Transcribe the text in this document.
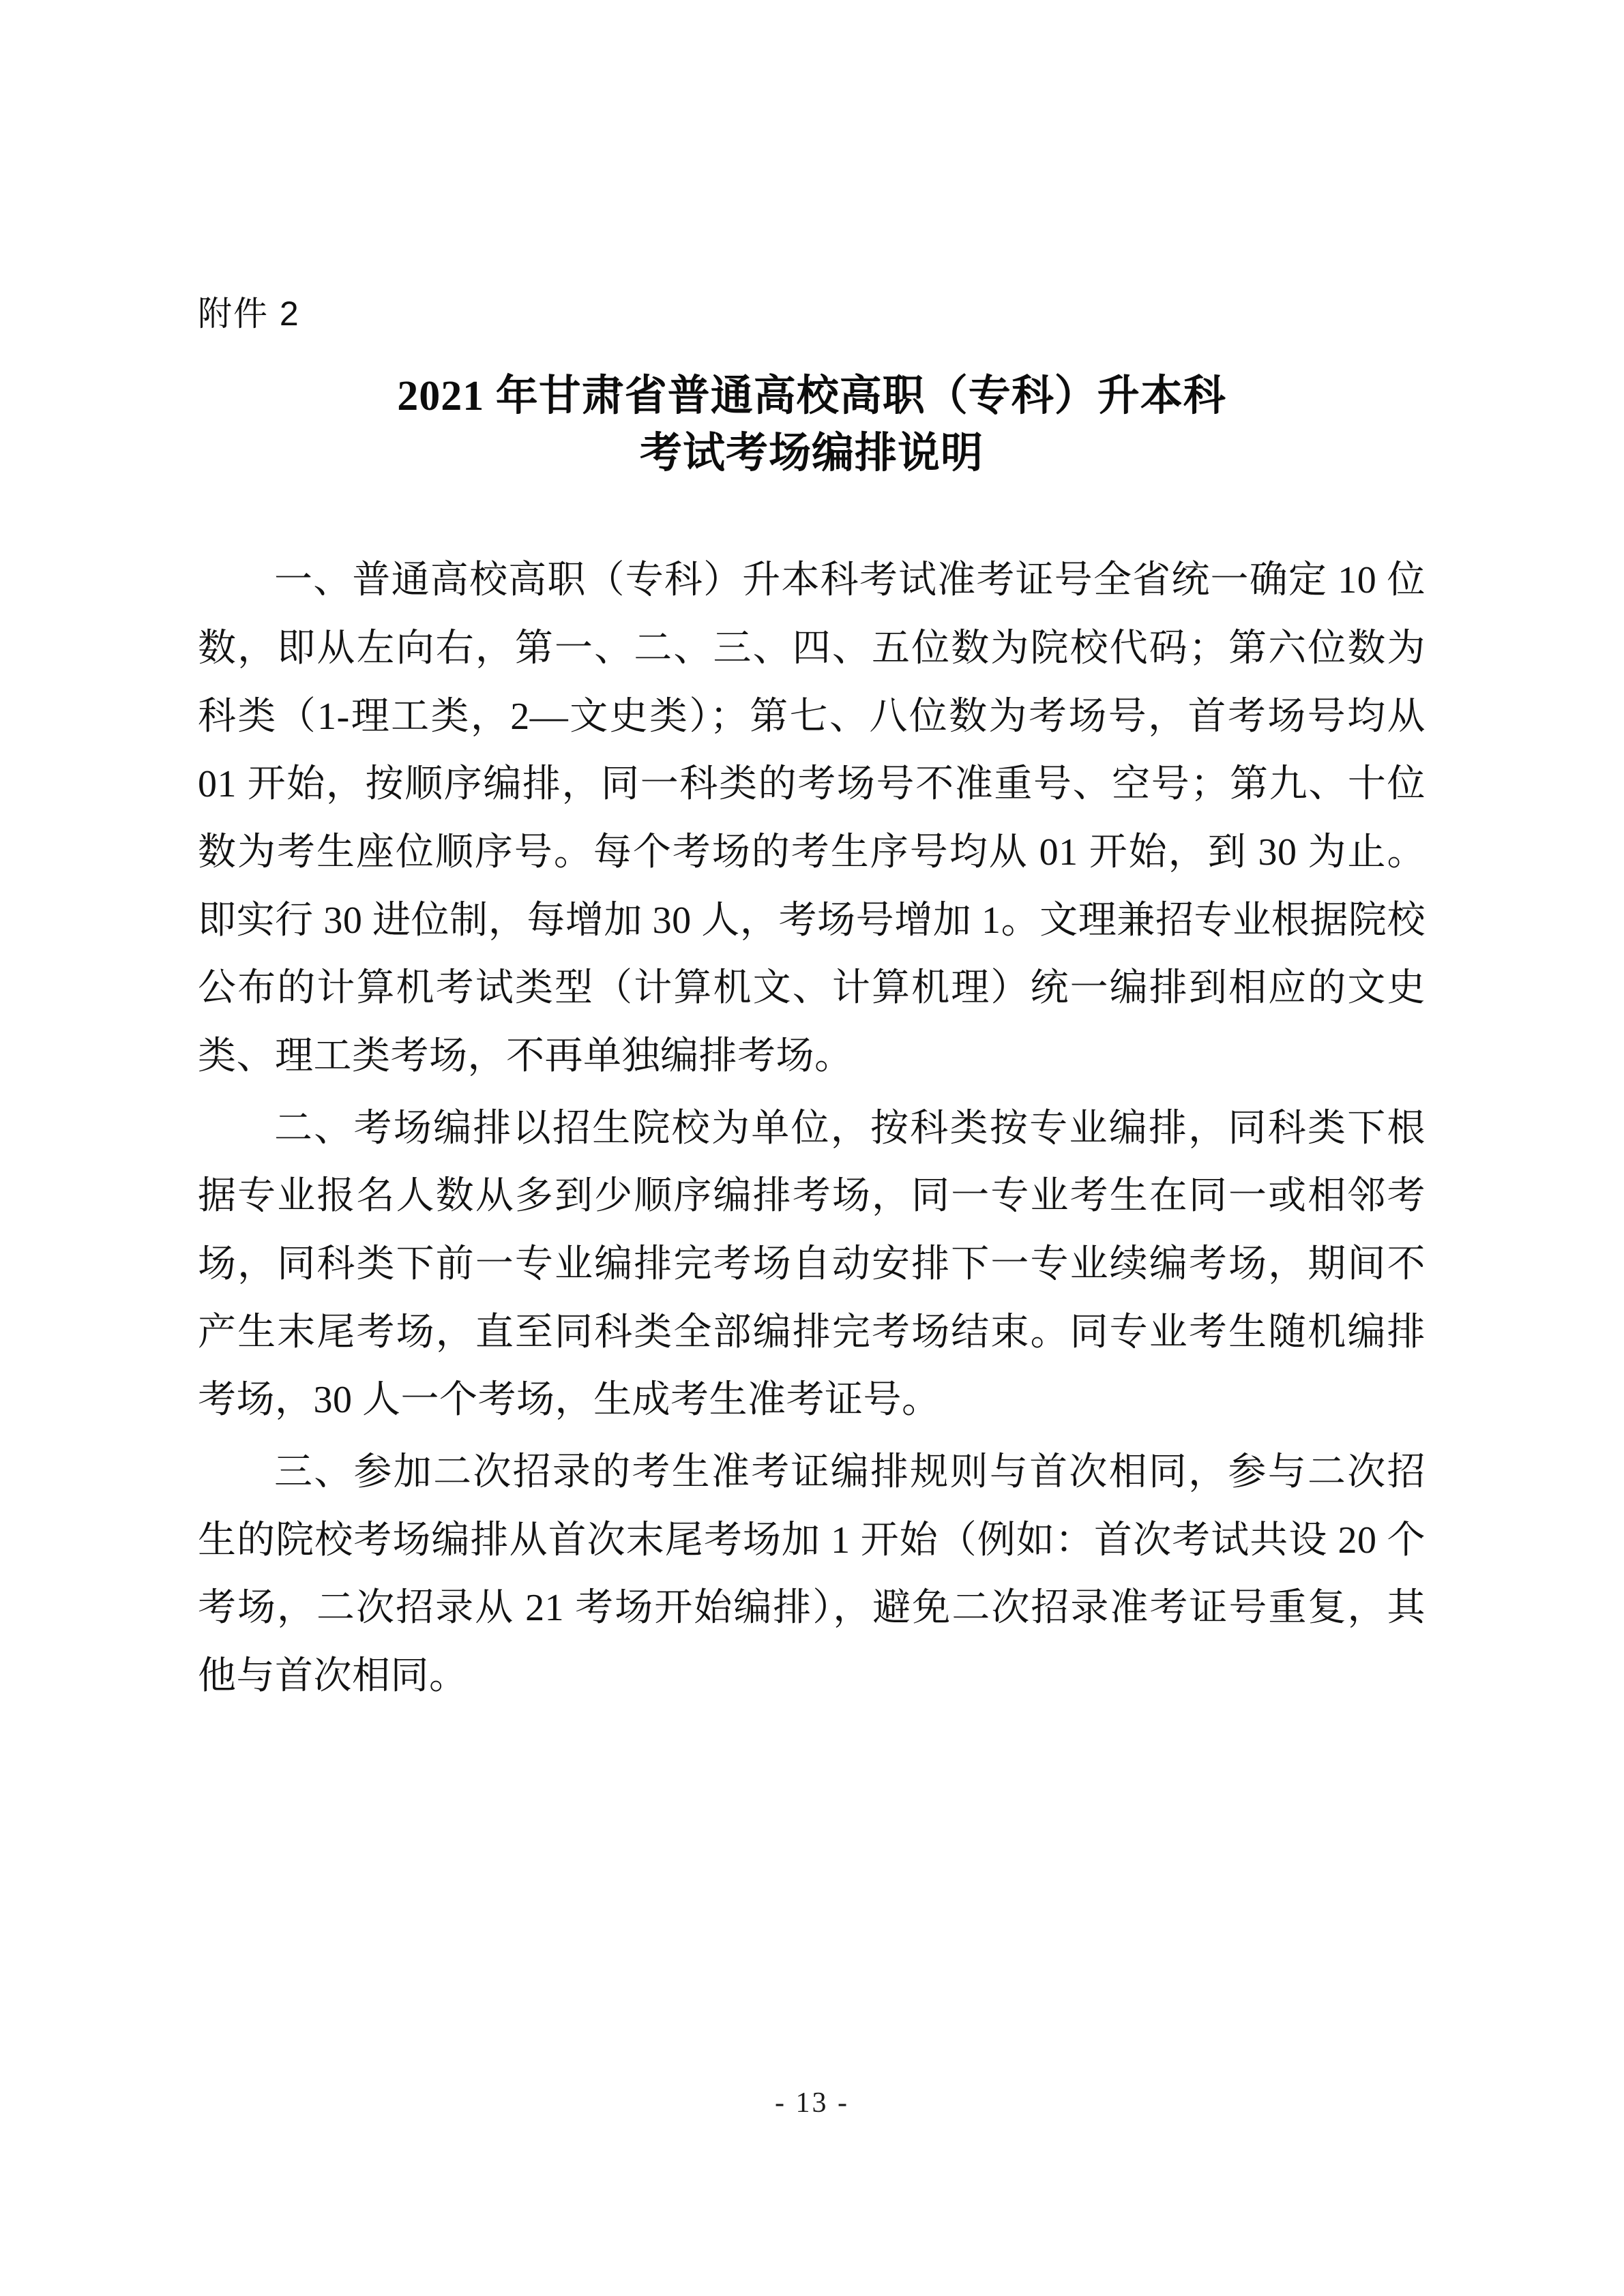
附件 2
2021 年甘肃省普通高校高职（专科）升本科
考试考场编排说明

一、普通高校高职（专科）升本科考试准考证号全省统一确定 10 位数，即从左向右，第一、二、三、四、五位数为院校代码；第六位数为科类（1-理工类，2—文史类）；第七、八位数为考场号，首考场号均从 01 开始，按顺序编排，同一科类的考场号不准重号、空号；第九、十位数为考生座位顺序号。每个考场的考生序号均从 01 开始，到 30 为止。即实行 30 进位制，每增加 30 人，考场号增加 1。文理兼招专业根据院校公布的计算机考试类型（计算机文、计算机理）统一编排到相应的文史类、理工类考场，不再单独编排考场。

二、考场编排以招生院校为单位，按科类按专业编排，同科类下根据专业报名人数从多到少顺序编排考场，同一专业考生在同一或相邻考场，同科类下前一专业编排完考场自动安排下一专业续编考场，期间不产生末尾考场，直至同科类全部编排完考场结束。同专业考生随机编排考场，30 人一个考场，生成考生准考证号。

三、参加二次招录的考生准考证编排规则与首次相同，参与二次招生的院校考场编排从首次末尾考场加 1 开始（例如：首次考试共设 20 个考场，二次招录从 21 考场开始编排），避免二次招录准考证号重复，其他与首次相同。

- 13 -
